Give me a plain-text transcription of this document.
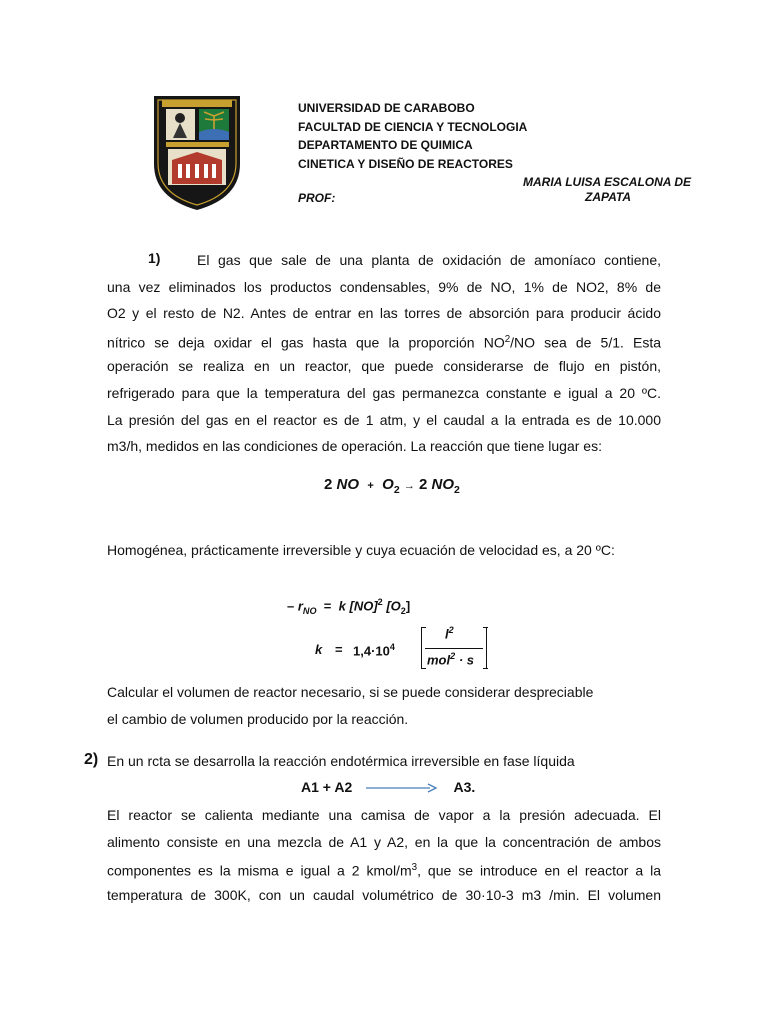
UNIVERSIDAD DE CARABOBO
FACULTAD DE CIENCIA Y TECNOLOGIA
DEPARTAMENTO DE QUIMICA
CINETICA Y DISEÑO DE REACTORES
PROF:
MARIA LUISA ESCALONA DE
ZAPATA
1)	El gas que sale de una planta de oxidación de amoníaco contiene,
una vez eliminados los productos condensables, 9% de NO, 1% de NO2, 8% de
O2 y el resto de N2. Antes de entrar en las torres de absorción para producir ácido
nítrico se deja oxidar el gas hasta que la proporción $NO^2/NO$ sea de 5/1. Esta
operación se realiza en un reactor, que puede considerarse de flujo en pistón,
refrigerado para que la temperatura del gas permanezca constante e igual a 20 ºC.
La presión del gas en el reactor es de 1 atm, y el caudal a la entrada es de 10.000
m3/h, medidos en las condiciones de operación. La reacción que tiene lugar es:
2 NO + $O_2 \to 2$ $NO_2$
Homogénea, prácticamente irreversible y cuya ecuación de velocidad es, a 20 ºC:
– $r_{NO} = k$ [NO]$^2$ $[O_2]$
$k = 1,4\cdot 10^4$
$l^2$
mol$^2$ · s
Calcular el volumen de reactor necesario, si se puede considerar despreciable
el cambio de volumen producido por la reacción.
2) En un rcta se desarrolla la reacción endotérmica irreversible en fase líquida
A1 + A2	A3.
El reactor se calienta mediante una camisa de vapor a la presión adecuada. El
alimento consiste en una mezcla de A1 y A2, en la que la concentración de ambos
componentes es la misma e igual a 2 kmol/$m^3$, que se introduce en el reactor a la
temperatura de 300K, con un caudal volumétrico de 30·10-3 m3 /min. El volumen
